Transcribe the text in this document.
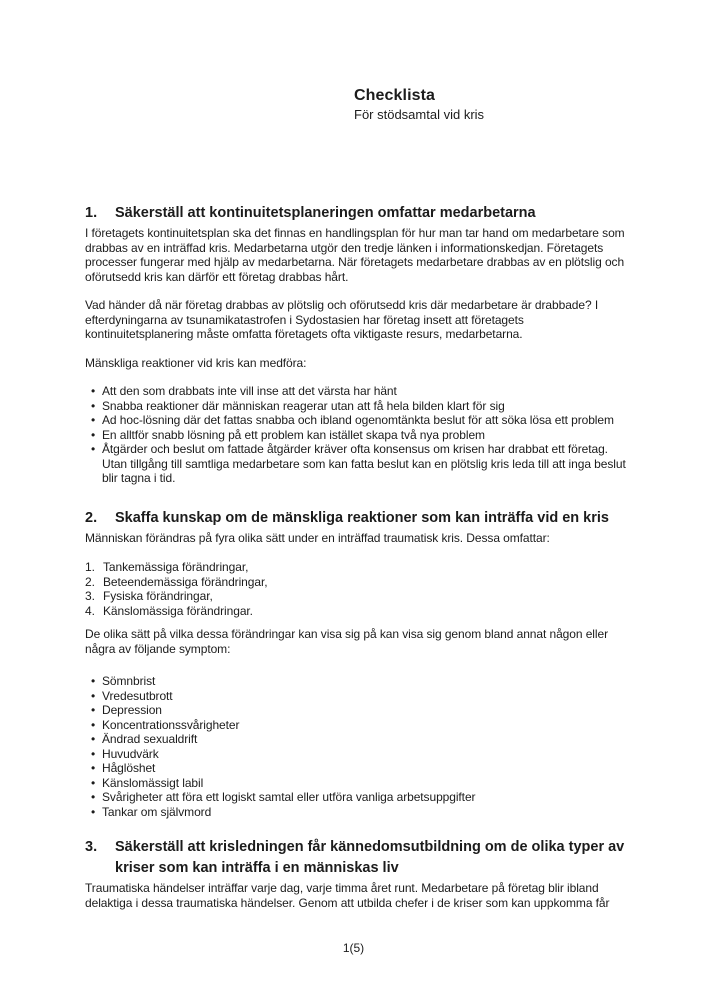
Checklista
För stödsamtal vid kris
1.	Säkerställ att kontinuitetsplaneringen omfattar medarbetarna

I företagets kontinuitetsplan ska det finnas en handlingsplan för hur man tar hand om medarbetare som drabbas av en inträffad kris. Medarbetarna utgör den tredje länken i informationskedjan. Företagets processer fungerar med hjälp av medarbetarna. När företagets medarbetare drabbas av en plötslig och oförutsedd kris kan därför ett företag drabbas hårt.

Vad händer då när företag drabbas av plötslig och oförutsedd kris där medarbetare är drabbade? I efterdyningarna av tsunamikatastrofen i Sydostasien har företag insett att företagets kontinuitetsplanering måste omfatta företagets ofta viktigaste resurs, medarbetarna.

Mänskliga reaktioner vid kris kan medföra:

• Att den som drabbats inte vill inse att det värsta har hänt
• Snabba reaktioner där människan reagerar utan att få hela bilden klart för sig
• Ad hoc-lösning där det fattas snabba och ibland ogenomtänkta beslut för att söka lösa ett problem
• En alltför snabb lösning på ett problem kan istället skapa två nya problem
• Åtgärder och beslut om fattade åtgärder kräver ofta konsensus om krisen har drabbat ett företag. Utan tillgång till samtliga medarbetare som kan fatta beslut kan en plötslig kris leda till att inga beslut blir tagna i tid.
2.	Skaffa kunskap om de mänskliga reaktioner som kan inträffa vid en kris

Människan förändras på fyra olika sätt under en inträffad traumatisk kris. Dessa omfattar:

1. Tankemässiga förändringar,
2. Beteendemässiga förändringar,
3. Fysiska förändringar,
4. Känslomässiga förändringar.

De olika sätt på vilka dessa förändringar kan visa sig på kan visa sig genom bland annat någon eller några av följande symptom:

• Sömnbrist
• Vredesutbrott
• Depression
• Koncentrationssvårigheter
• Ändrad sexualdrift
• Huvudvärk
• Håglöshet
• Känslomässigt labil
• Svårigheter att föra ett logiskt samtal eller utföra vanliga arbetsuppgifter
• Tankar om självmord
3.	Säkerställ att krisledningen får kännedomsutbildning om de olika typer av kriser som kan inträffa i en människas liv

Traumatiska händelser inträffar varje dag, varje timma året runt. Medarbetare på företag blir ibland delaktiga i dessa traumatiska händelser. Genom att utbilda chefer i de kriser som kan uppkomma får

1(5)
